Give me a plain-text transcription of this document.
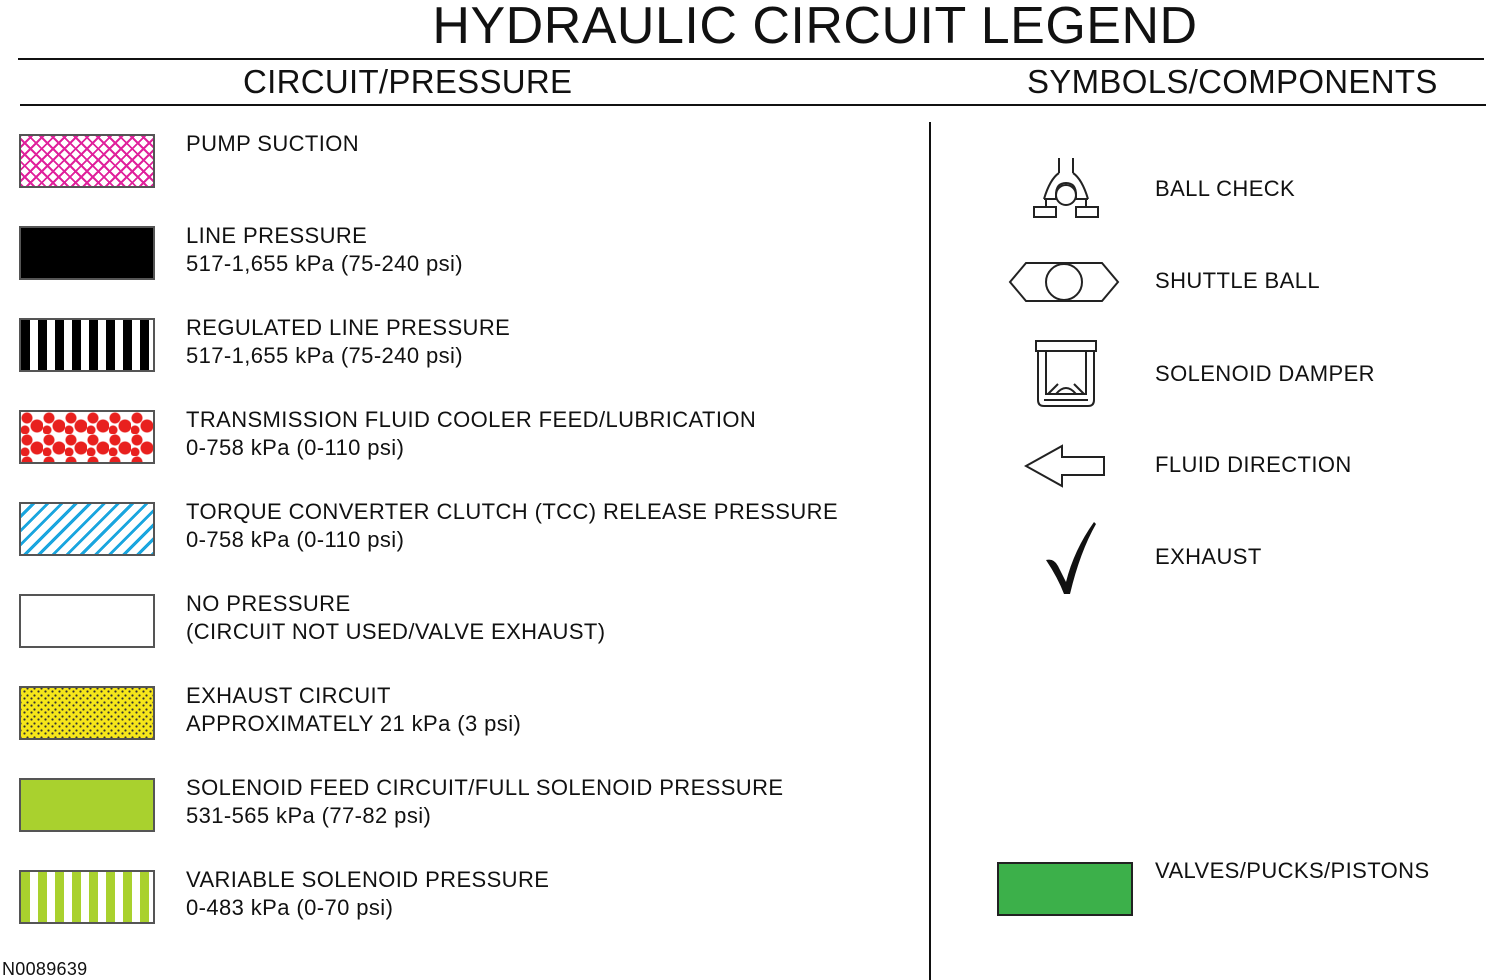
HYDRAULIC CIRCUIT LEGEND
CIRCUIT/PRESSURE	SYMBOLS/COMPONENTS
PUMP SUCTION
LINE PRESSURE
517-1,655 kPa (75-240 psi)
REGULATED LINE PRESSURE
517-1,655 kPa (75-240 psi)
TRANSMISSION FLUID COOLER FEED/LUBRICATION
0-758 kPa (0-110 psi)
TORQUE CONVERTER CLUTCH (TCC) RELEASE PRESSURE
0-758 kPa (0-110 psi)
NO PRESSURE
(CIRCUIT NOT USED/VALVE EXHAUST)
EXHAUST CIRCUIT
APPROXIMATELY 21 kPa (3 psi)
SOLENOID FEED CIRCUIT/FULL SOLENOID PRESSURE
531-565 kPa (77-82 psi)
VARIABLE SOLENOID PRESSURE
0-483 kPa (0-70 psi)
BALL CHECK
SHUTTLE BALL
SOLENOID DAMPER
FLUID DIRECTION
EXHAUST
VALVES/PUCKS/PISTONS
N0089639
